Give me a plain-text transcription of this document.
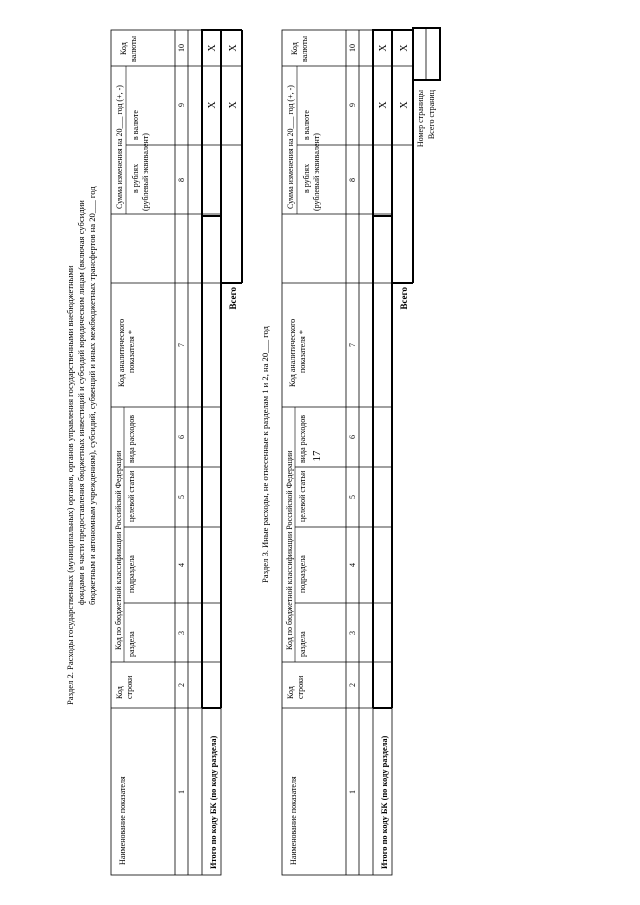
17
Раздел 2. Расходы государственных (муниципальных) органов, органов управления государственными внебюджетными фондами в части предоставления бюджетных инвестиций и субсидий юридическим лицам (включая субсидии бюджетным и автономным учреждениям), субсидий, субвенций и иных межбюджетных трансфертов на 20___ год
Наименование показателя
Код строки
Код по бюджетной классификации Российской Федерации раздела
подраздела
целевой статьи
вида расходов
Код аналитического показателя *
Сумма изменения на 20___ год (+, -) в рублях (рублевый эквивалент)
в валюте
Код валюты
1
2
3
4
5
6
7
8
9
10
X
X
X
X
Итого по коду БК (по коду раздела)
Всего
Раздел 3. Иные расходы, не отнесенные к разделам 1 и 2, на 20___ год
Наименование показателя
Код строки
Код по бюджетной классификации Российской Федерации раздела
подраздела
целевой статьи
вида расходов
Код аналитического показателя *
Сумма изменения на 20___ год (+, -) в рублях (рублевый эквивалент)
в валюте
Код валюты
1
2
3
4
5
6
7
8
9
10
X
X
X
X
Итого по коду БК (по коду раздела)
Всего
Номер страницы Всего страниц
